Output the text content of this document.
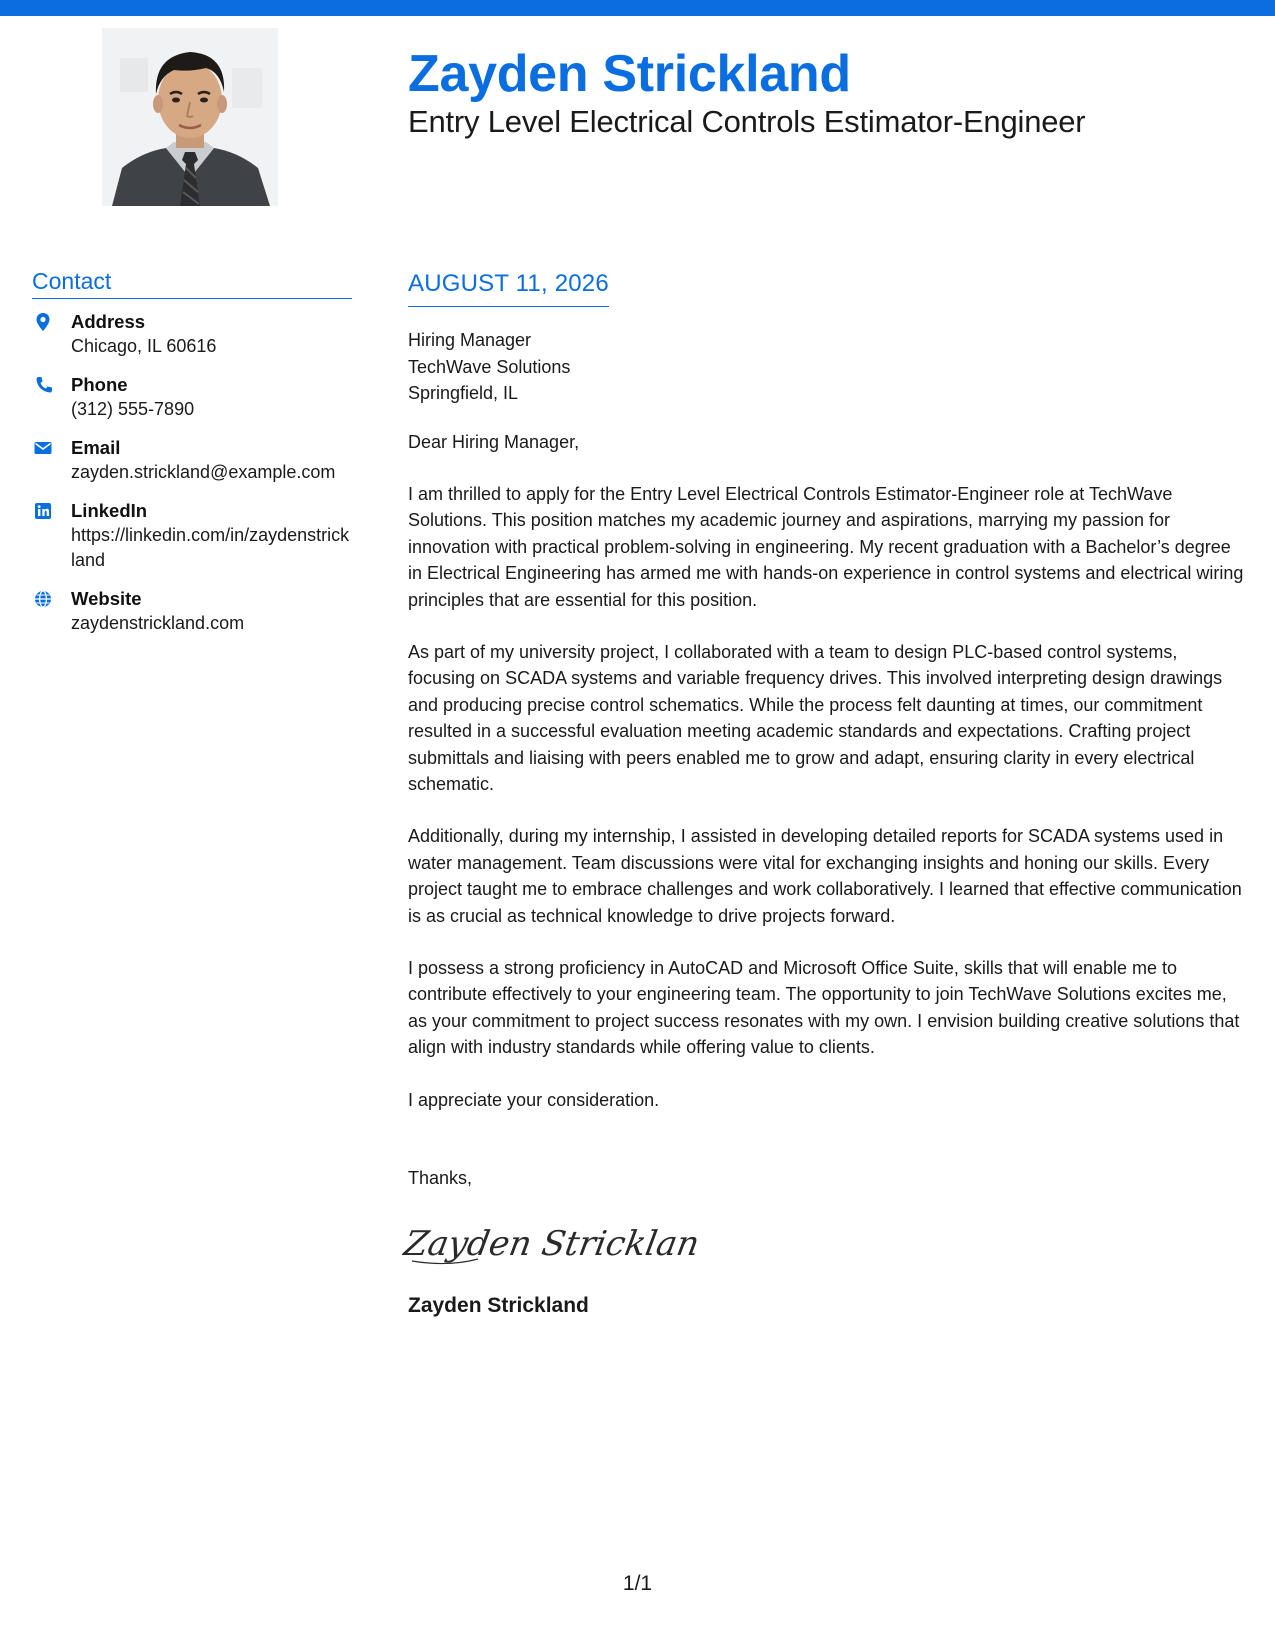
Zayden Strickland
Entry Level Electrical Controls Estimator-Engineer
Contact
Address
Chicago, IL 60616
Phone
(312) 555-7890
Email
zayden.strickland@example.com
LinkedIn
https://linkedin.com/in/zaydenstrickland
Website
zaydenstrickland.com
AUGUST 11, 2026
Hiring Manager
TechWave Solutions
Springfield, IL
Dear Hiring Manager,

I am thrilled to apply for the Entry Level Electrical Controls Estimator-Engineer role at TechWave Solutions. This position matches my academic journey and aspirations, marrying my passion for innovation with practical problem-solving in engineering. My recent graduation with a Bachelor’s degree in Electrical Engineering has armed me with hands-on experience in control systems and electrical wiring principles that are essential for this position.

As part of my university project, I collaborated with a team to design PLC-based control systems, focusing on SCADA systems and variable frequency drives. This involved interpreting design drawings and producing precise control schematics. While the process felt daunting at times, our commitment resulted in a successful evaluation meeting academic standards and expectations. Crafting project submittals and liaising with peers enabled me to grow and adapt, ensuring clarity in every electrical schematic.

Additionally, during my internship, I assisted in developing detailed reports for SCADA systems used in water management. Team discussions were vital for exchanging insights and honing our skills. Every project taught me to embrace challenges and work collaboratively. I learned that effective communication is as crucial as technical knowledge to drive projects forward.

I possess a strong proficiency in AutoCAD and Microsoft Office Suite, skills that will enable me to contribute effectively to your engineering team. The opportunity to join TechWave Solutions excites me, as your commitment to project success resonates with my own. I envision building creative solutions that align with industry standards while offering value to clients.

I appreciate your consideration.

Thanks,
Zayden Stricklan
Zayden Strickland
1/1
